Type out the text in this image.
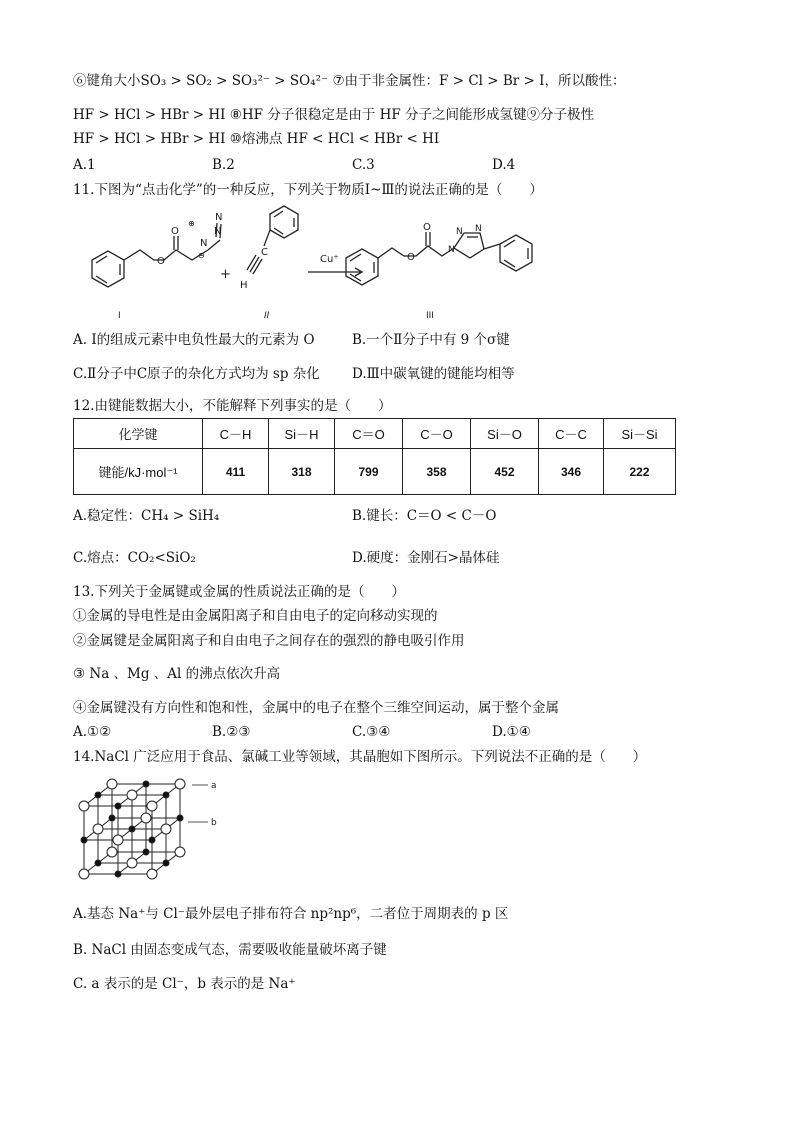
⑥键角大小SO₃ > SO₂ > SO₃²⁻ > SO₄²⁻ ⑦由于非金属性：F > Cl > Br > I，所以酸性：
HF > HCl > HBr > HI ⑧HF 分子很稳定是由于 HF 分子之间能形成氢键⑨分子极性
HF > HCl > HBr > HI ⑩熔沸点 HF < HCl < HBr < HI
A.1	B.2	C.3	D.4
11.下图为“点击化学”的一种反应，下列关于物质Ⅰ~Ⅲ的说法正确的是（　　）
O
O
⊕
N
⊖
N
N
C
H
+
Cu⁺	O
O
N
N N
I	II	III
A. Ⅰ的组成元素中电负性最大的元素为 O	B.一个Ⅱ分子中有 9 个σ键
C.Ⅱ分子中C原子的杂化方式均为 sp 杂化 D.Ⅲ中碳氧键的键能均相等
12.由键能数据大小，不能解释下列事实的是（　　）
化学键	C－H	Si－H	C＝O	C－O	Si－O	C－C	Si－Si
键能/kJ·mol⁻¹	411	318	799	358	452	346	222
A.稳定性：CH₄ > SiH₄	B.键长：C＝O < C－O
C.熔点：CO₂<SiO₂	D.硬度：金刚石>晶体硅
13.下列关于金属键或金属的性质说法正确的是（　　）
①金属的导电性是由金属阳离子和自由电子的定向移动实现的
②金属键是金属阳离子和自由电子之间存在的强烈的静电吸引作用
③ Na 、Mg 、Al 的沸点依次升高
④金属键没有方向性和饱和性，金属中的电子在整个三维空间运动，属于整个金属
A.①②	B.②③	C.③④	D.①④
14.NaCl 广泛应用于食品、氯碱工业等领域，其晶胞如下图所示。下列说法不正确的是（　　）
a
b
A.基态 Na⁺与 Cl⁻最外层电子排布符合 np²np⁶，二者位于周期表的 p 区
B. NaCl 由固态变成气态，需要吸收能量破坏离子键
C. a 表示的是 Cl⁻，b 表示的是 Na⁺
